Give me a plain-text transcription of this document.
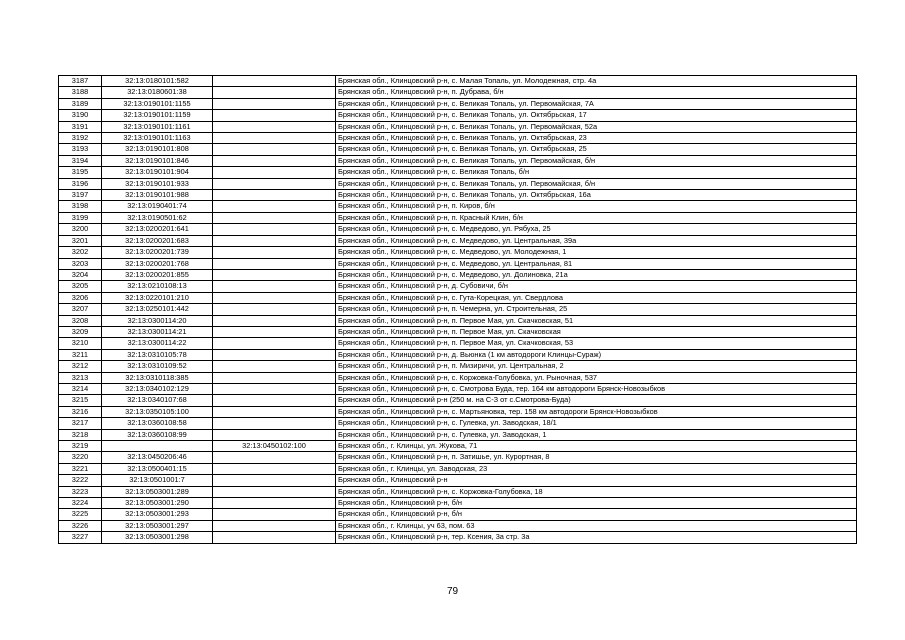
3187	32:13:0180101:582		Брянская обл., Клинцовский р-н, с. Малая Топаль, ул. Молодежная, стр. 4а
3188	32:13:0180601:38		Брянская обл., Клинцовский р-н, п. Дубрава, б/н
3189	32:13:0190101:1155		Брянская обл., Клинцовский р-н, с. Великая Топаль, ул. Первомайская, 7А
3190	32:13:0190101:1159		Брянская обл., Клинцовский р-н, с. Великая Топаль, ул. Октябрьская, 17
3191	32:13:0190101:1161		Брянская обл., Клинцовский р-н, с. Великая Топаль, ул. Первомайская, 52а
3192	32:13:0190101:1163		Брянская обл., Клинцовский р-н, с. Великая Топаль, ул. Октябрьская, 23
3193	32:13:0190101:808		Брянская обл., Клинцовский р-н, с. Великая Топаль, ул. Октябрьская, 25
3194	32:13:0190101:846		Брянская обл., Клинцовский р-н, с. Великая Топаль, ул. Первомайская, б/н
3195	32:13:0190101:904		Брянская обл., Клинцовский р-н, с. Великая Топаль, б/н
3196	32:13:0190101:933		Брянская обл., Клинцовский р-н, с. Великая Топаль, ул. Первомайская, б/н
3197	32:13:0190101:988		Брянская обл., Клинцовский р-н, с. Великая Топаль, ул. Октябрьская, 16а
3198	32:13:0190401:74		Брянская обл., Клинцовский р-н, п. Киров, б/н
3199	32:13:0190501:62		Брянская обл., Клинцовский р-н, п. Красный Клин, б/н
3200	32:13:0200201:641		Брянская обл., Клинцовский р-н, с. Медведово, ул. Рябуха, 25
3201	32:13:0200201:683		Брянская обл., Клинцовский р-н, с. Медведово, ул. Центральная, 39а
3202	32:13:0200201:739		Брянская обл., Клинцовский р-н, с. Медведово, ул. Молодежная, 1
3203	32:13:0200201:768		Брянская обл., Клинцовский р-н, с. Медведово, ул. Центральная, 81
3204	32:13:0200201:855		Брянская обл., Клинцовский р-н, с. Медведово, ул. Долиновка, 21а
3205	32:13:0210108:13		Брянская обл., Клинцовский р-н, д. Субовичи, б/н
3206	32:13:0220101:210		Брянская обл., Клинцовский р-н, с. Гута-Корецкая, ул. Свердлова
3207	32:13:0250101:442		Брянская обл., Клинцовский р-н, п. Чемерна, ул. Строительная, 25
3208	32:13:0300114:20		Брянская обл., Клинцовский р-н, п. Первое Мая, ул. Скачковская, 51
3209	32:13:0300114:21		Брянская обл., Клинцовский р-н, п. Первое Мая, ул. Скачковская
3210	32:13:0300114:22		Брянская обл., Клинцовский р-н, п. Первое Мая, ул. Скачковская, 53
3211	32:13:0310105:78		Брянская обл., Клинцовский р-н, д. Вьюнка (1 км автодороги Клинцы-Сураж)
3212	32:13:0310109:52		Брянская обл., Клинцовский р-н, п. Мизиричи, ул. Центральная, 2
3213	32:13:0310118:385		Брянская обл., Клинцовский р-н, с. Коржовка-Голубовка, ул. Рыночная, 537
3214	32:13:0340102:129		Брянская обл., Клинцовский р-н, с. Смотрова Буда, тер. 164 км автодороги Брянск-Новозыбков
3215	32:13:0340107:68		Брянская обл., Клинцовский р-н (250 м. на С-З от с.Смотрова-Буда)
3216	32:13:0350105:100		Брянская обл., Клинцовский р-н, с. Мартьяновка, тер. 158 км автодороги Брянск-Новозыбков
3217	32:13:0360108:58		Брянская обл., Клинцовский р-н, с. Гулевка, ул. Заводская, 18/1
3218	32:13:0360108:99		Брянская обл., Клинцовский р-н, с. Гулевка, ул. Заводская, 1
3219		32:13:0450102:100	Брянская обл., г. Клинцы, ул. Жукова, 71
3220	32:13:0450206:46		Брянская обл., Клинцовский р-н, п. Затишье, ул. Курортная, 8
3221	32:13:0500401:15		Брянская обл., г. Клинцы, ул. Заводская, 23
3222	32:13:0501001:7		Брянская обл., Клинцовский р-н
3223	32:13:0503001:289		Брянская обл., Клинцовский р-н, с. Коржовка-Голубовка, 18
3224	32:13:0503001:290		Брянская обл., Клинцовский р-н, б/н
3225	32:13:0503001:293		Брянская обл., Клинцовский р-н, б/н
3226	32:13:0503001:297		Брянская обл., г. Клинцы, уч 63, пом. 63
3227	32:13:0503001:298		Брянская обл., Клинцовский р-н, тер. Ксения, 3а стр. 3а
79
